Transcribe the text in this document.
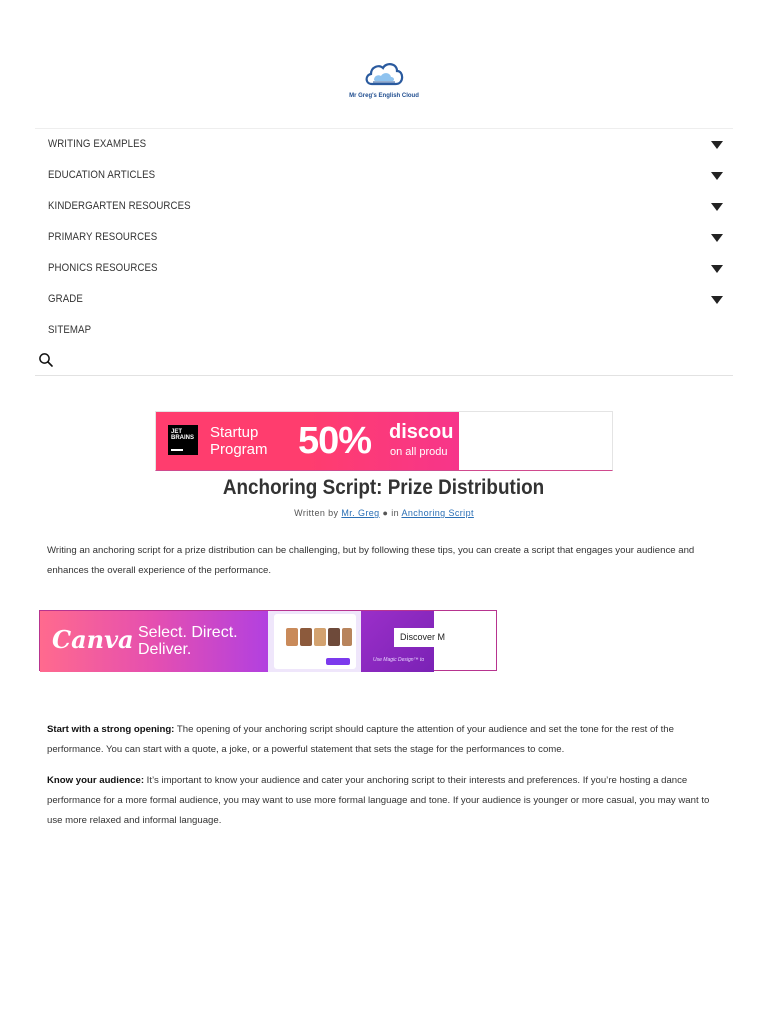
Mr Greg's English Cloud
WRITING EXAMPLES
EDUCATION ARTICLES
KINDERGARTEN RESOURCES
PRIMARY RESOURCES
PHONICS RESOURCES
GRADE
SITEMAP
JET
BRAINS Startup
Program 50% discou
on all produ
Anchoring Script: Prize Distribution
Written by Mr. Greg ● in Anchoring Script

Writing an anchoring script for a prize distribution can be challenging, but by following these tips, you can create a script that engages your audience and enhances the overall experience of the performance.

Canva Select. Direct.
Deliver.
Discover M
Use Magic Design™ to

Start with a strong opening: The opening of your anchoring script should capture the attention of your audience and set the tone for the rest of the performance. You can start with a quote, a joke, or a powerful statement that sets the stage for the performances to come.

Know your audience: It’s important to know your audience and cater your anchoring script to their interests and preferences. If you’re hosting a dance performance for a more formal audience, you may want to use more formal language and tone. If your audience is younger or more casual, you may want to use more relaxed and informal language.
